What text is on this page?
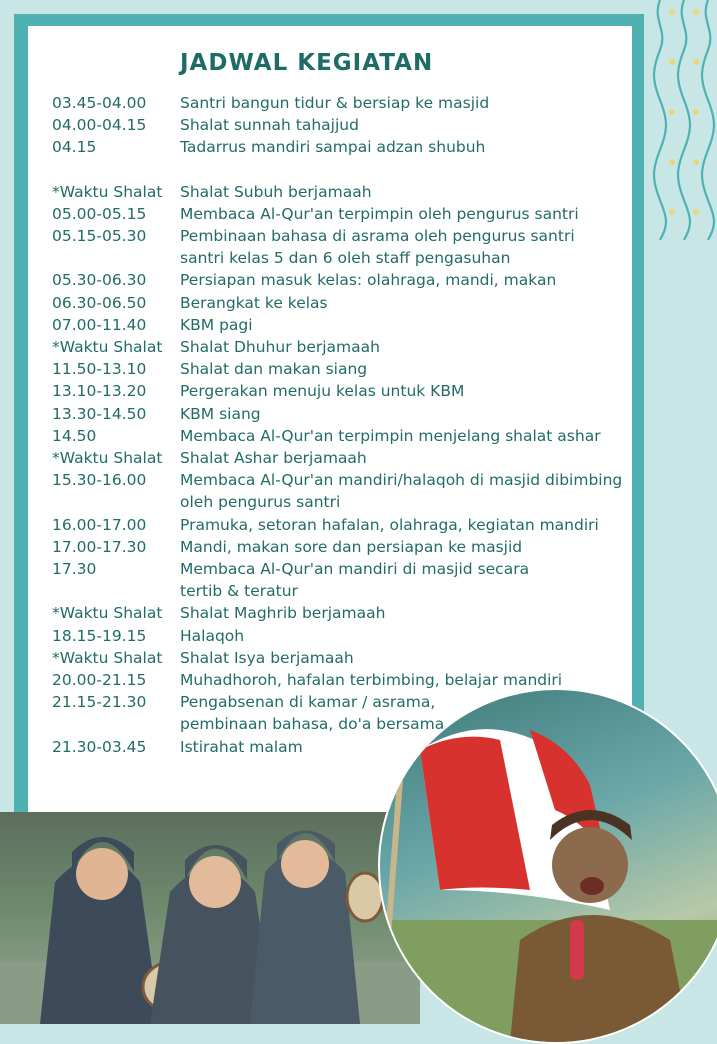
JADWAL KEGIATAN
03.45-04.00	Santri bangun tidur & bersiap ke masjid
04.00-04.15	Shalat sunnah tahajjud
04.15	Tadarrus mandiri sampai adzan shubuh
*Waktu Shalat	Shalat Subuh berjamaah
05.00-05.15	Membaca Al-Qur'an terpimpin oleh pengurus santri
05.15-05.30	Pembinaan bahasa di asrama oleh pengurus santri
santri kelas 5 dan 6 oleh staff pengasuhan
05.30-06.30	Persiapan masuk kelas: olahraga, mandi, makan
06.30-06.50	Berangkat ke kelas
07.00-11.40	KBM pagi
*Waktu Shalat	Shalat Dhuhur berjamaah
11.50-13.10	Shalat dan makan siang
13.10-13.20	Pergerakan menuju kelas untuk KBM
13.30-14.50	KBM siang
14.50	Membaca Al-Qur'an terpimpin menjelang shalat ashar
*Waktu Shalat	Shalat Ashar berjamaah
15.30-16.00	Membaca Al-Qur'an mandiri/halaqoh di masjid dibimbing
oleh pengurus santri
16.00-17.00	Pramuka, setoran hafalan, olahraga, kegiatan mandiri
17.00-17.30	Mandi, makan sore dan persiapan ke masjid
17.30	Membaca Al-Qur'an mandiri di masjid secara
tertib & teratur
*Waktu Shalat	Shalat Maghrib berjamaah
18.15-19.15	Halaqoh
*Waktu Shalat	Shalat Isya berjamaah
20.00-21.15	Muhadhoroh, hafalan terbimbing, belajar mandiri
21.15-21.30	Pengabsenan di kamar / asrama,
pembinaan bahasa, do'a bersama
21.30-03.45	Istirahat malam
